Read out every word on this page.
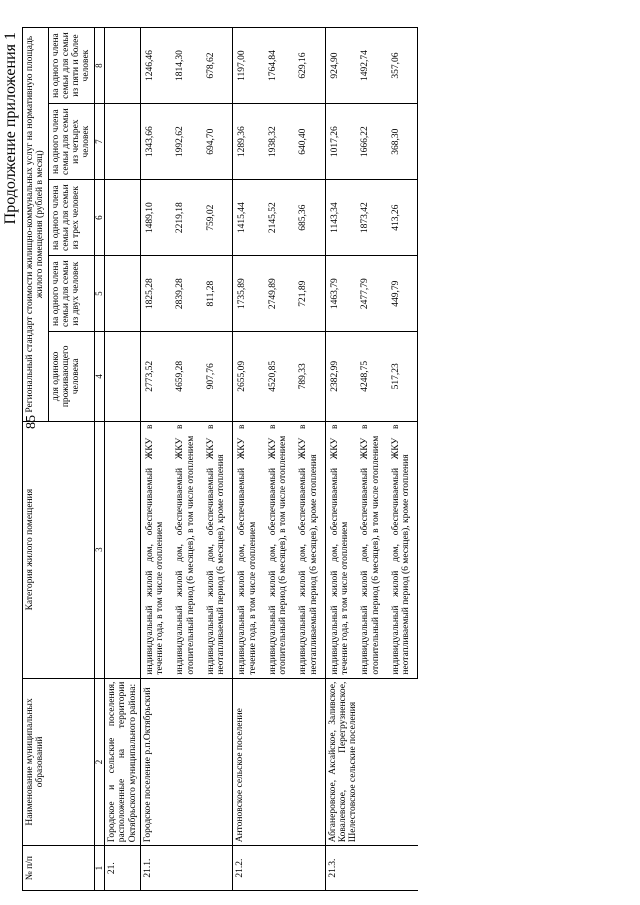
85
Продолжение приложения 1
№ п/п	Наименование муниципальных образований	Категория жилого помещения	Региональный стандарт стоимости жилищно-коммунальных услуг на нормативную площадь жилого помещения (рублей в месяц)				
			для одиноко проживающего человека	на одного члена семьи для семьи из двух человек	на одного члена семьи для семьи из трех человек	на одного члена семьи для семьи из четырех человек	на одного члена семьи для семьи из пяти и более человек
1	2	3	4	5	6	7	8
21.	Городское и сельские поселения, расположенные на территории Октябрьского муниципального района:						
21.1.	Городское поселение р.п.Октябрьский	индивидуальный жилой дом, обеспечиваемый ЖКУ в течение года, в том числе отоплением	2773,52	1825,28	1489,10	1343,66	1246,46
		индивидуальный жилой дом, обеспечиваемый ЖКУ в отопительный период (6 месяцев), в том числе отоплением	4659,28	2839,28	2219,18	1992,62	1814,30
		индивидуальный жилой дом, обеспечиваемый ЖКУ в неотапливаемый период (6 месяцев), кроме отопления	907,76	811,28	759,02	694,70	678,62
21.2.	Антоновское сельское поселение	индивидуальный жилой дом, обеспечиваемый ЖКУ в течение года, в том числе отоплением	2655,09	1735,89	1415,44	1289,36	1197,00
		индивидуальный жилой дом, обеспечиваемый ЖКУ в отопительный период (6 месяцев), в том числе отоплением	4520,85	2749,89	2145,52	1938,32	1764,84
		индивидуальный жилой дом, обеспечиваемый ЖКУ в неотапливаемый период (6 месяцев), кроме отопления	789,33	721,89	685,36	640,40	629,16
21.3.	Абганеровское, Аксайское, Заливское, Ковалевское, Перегрузненское, Шелестовское сельские поселения	индивидуальный жилой дом, обеспечиваемый ЖКУ в течение года, в том числе отоплением	2382,99	1463,79	1143,34	1017,26	924,90
		индивидуальный жилой дом, обеспечиваемый ЖКУ в отопительный период (6 месяцев), в том числе отоплением	4248,75	2477,79	1873,42	1666,22	1492,74
		индивидуальный жилой дом, обеспечиваемый ЖКУ в неотапливаемый период (6 месяцев), кроме отопления	517,23	449,79	413,26	368,30	357,06
